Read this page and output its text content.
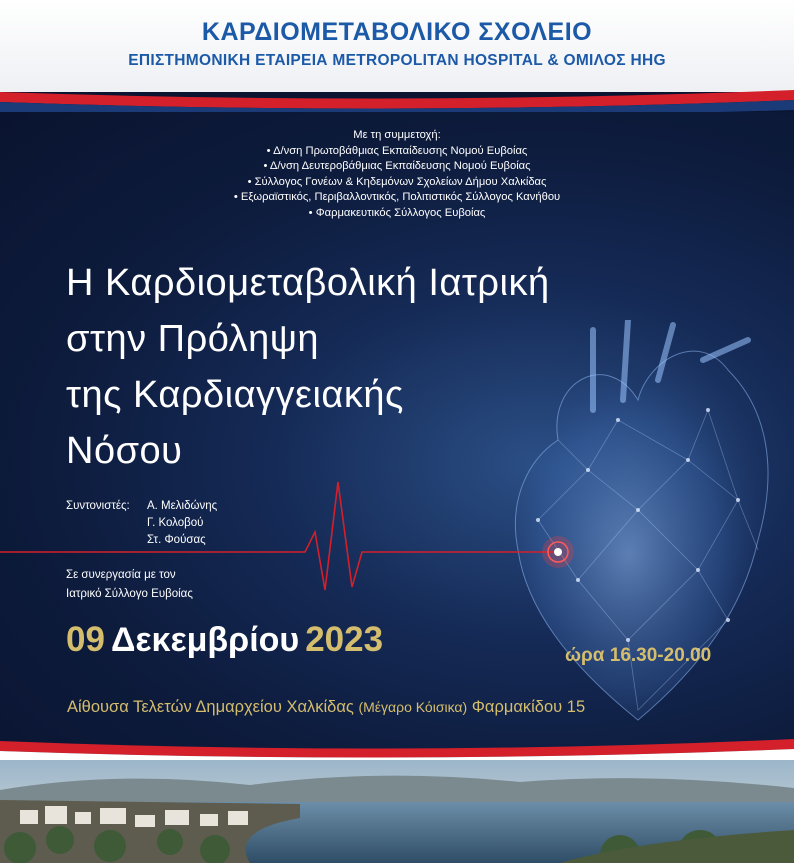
ΚΑΡΔΙΟΜΕΤΑΒΟΛΙΚΟ ΣΧΟΛΕΙΟ

ΕΠΙΣΤΗΜΟΝΙΚΗ ΕΤΑΙΡΕΙΑ METROPOLITAN HOSPITAL & ΟΜΙΛΟΣ HHG

Με τη συμμετοχή:
• Δ/νση Πρωτοβάθμιας Εκπαίδευσης Νομού Ευβοίας
• Δ/νση Δευτεροβάθμιας Εκπαίδευσης Νομού Ευβοίας
• Σύλλογος Γονέων & Κηδεμόνων Σχολείων Δήμου Χαλκίδας
• Εξωραϊστικός, Περιβαλλοντικός, Πολιτιστικός Σύλλογος Κανήθου
• Φαρμακευτικός Σύλλογος Ευβοίας
Η Καρδιομεταβολική Ιατρική
στην Πρόληψη
της Καρδιαγγειακής
Νόσου
Συντονιστές: Α. Μελιδώνης
Γ. Κολοβού
Στ. Φούσας
Σε συνεργασία με τον
Ιατρικό Σύλλογο Ευβοίας
09 Δεκεμβρίου 2023	ώρα 16.30-20.00
Αίθουσα Τελετών Δημαρχείου Χαλκίδας (Μέγαρο Κόισικα) Φαρμακίδου 15
